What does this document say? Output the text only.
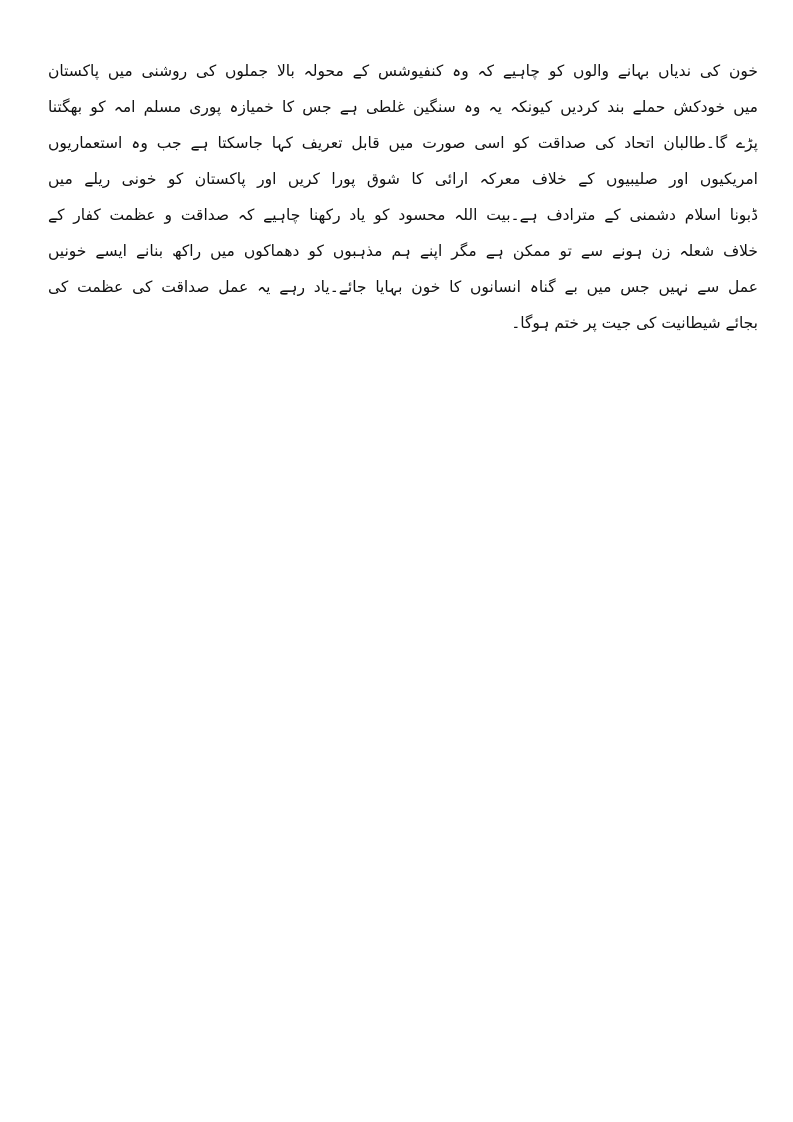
خون کی ندیاں بہانے والوں کو چاہیے کہ وہ کنفیوشس کے محولہ بالا جملوں کی روشنی میں پاکستان
میں خودکش حملے بند کردیں کیونکہ یہ وہ سنگین غلطی ہے جس کا خمیازہ پوری مسلم امہ کو بھگتنا
پڑے گا۔طالبان اتحاد کی صداقت کو اسی صورت میں قابل تعریف کہا جاسکتا ہے جب وہ استعماریوں
امریکیوں اور صلیبیوں کے خلاف معرکہ ارائی کا شوق پورا کریں اور پاکستان کو خونی ریلے میں
ڈبونا اسلام دشمنی کے مترادف ہے۔بیت اللہ محسود کو یاد رکھنا چاہیے کہ صداقت و عظمت کفار کے
خلاف شعلہ زن ہونے سے تو ممکن ہے مگر اپنے ہم مذہبوں کو دھماکوں میں راکھ بنانے ایسے خونیں
عمل سے نہیں جس میں بے گناہ انسانوں کا خون بہایا جائے۔یاد رہے یہ عمل صداقت کی عظمت کی
بجائے شیطانیت کی جیت پر ختم ہوگا۔
